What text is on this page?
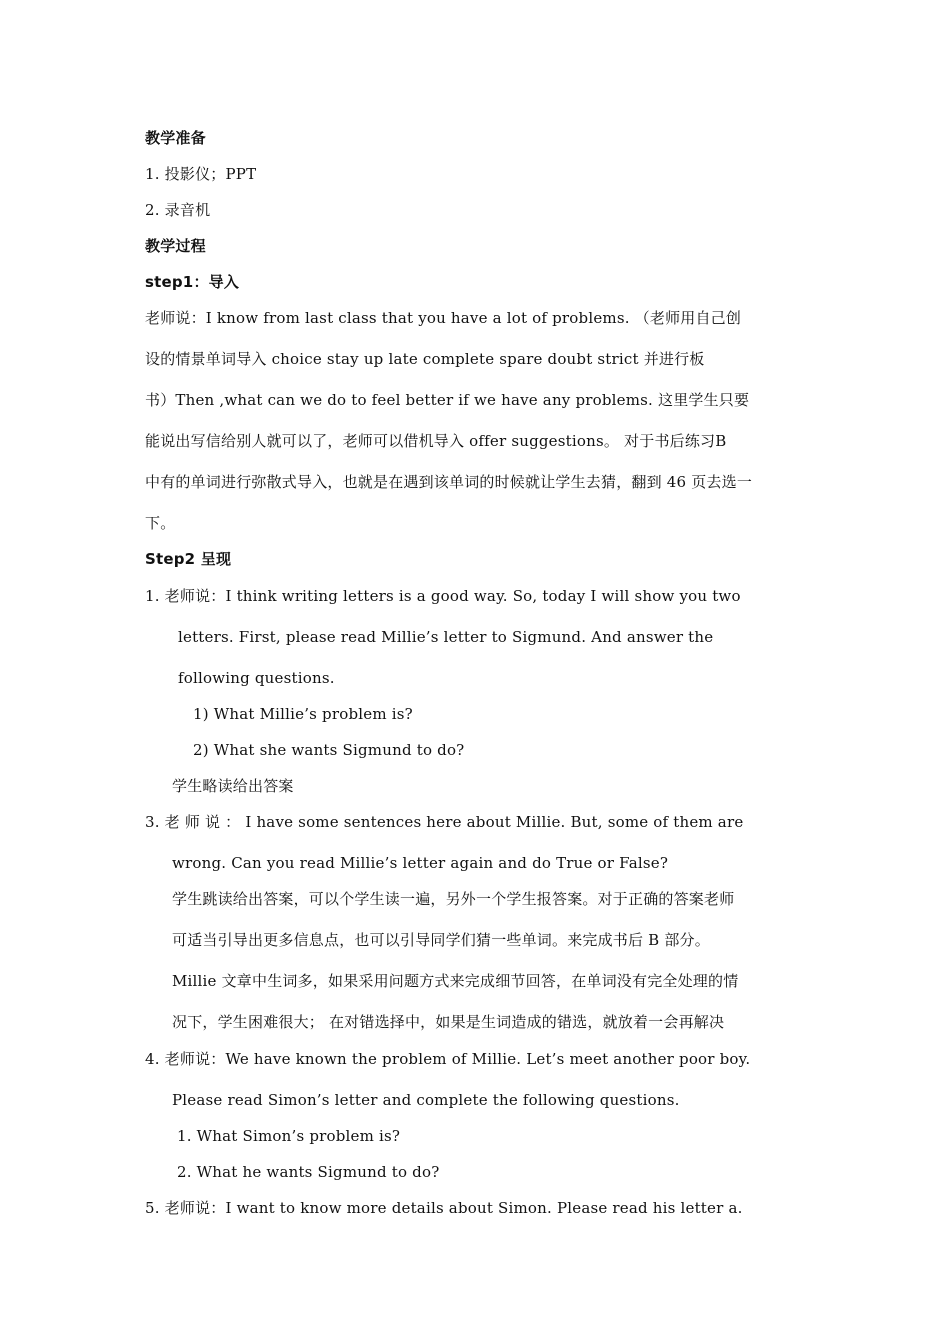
教学准备
1. 投影仪；PPT
2. 录音机
教学过程
step1：导入
老师说：I know from last class that you have a lot of problems. （老师用自己创
设的情景单词导入 choice stay up late complete spare doubt strict 并进行板
书）Then ,what can we do to feel better if we have any problems. 这里学生只要
能说出写信给别人就可以了，老师可以借机导入 offer suggestions。 对于书后练习B
中有的单词进行弥散式导入，也就是在遇到该单词的时候就让学生去猜，翻到 46 页去选一
下。
Step2 呈现
1. 老师说：I think writing letters is a good way. So, today I will show you two
letters. First, please read Millie’s letter to Sigmund. And answer the
following questions.
1) What Millie’s problem is?
2) What she wants Sigmund to do?
学生略读给出答案
3. 老 师 说 ： I have some sentences here about Millie. But, some of them are
wrong. Can you read Millie’s letter again and do True or False?
学生跳读给出答案，可以个学生读一遍，另外一个学生报答案。对于正确的答案老师
可适当引导出更多信息点，也可以引导同学们猜一些单词。来完成书后 B 部分。
Millie 文章中生词多，如果采用问题方式来完成细节回答，在单词没有完全处理的情
况下，学生困难很大； 在对错选择中，如果是生词造成的错选，就放着一会再解决
4. 老师说：We have known the problem of Millie. Let’s meet another poor boy.
Please read Simon’s letter and complete the following questions.
1. What Simon’s problem is?
2. What he wants Sigmund to do?
5. 老师说：I want to know more details about Simon. Please read his letter a.
